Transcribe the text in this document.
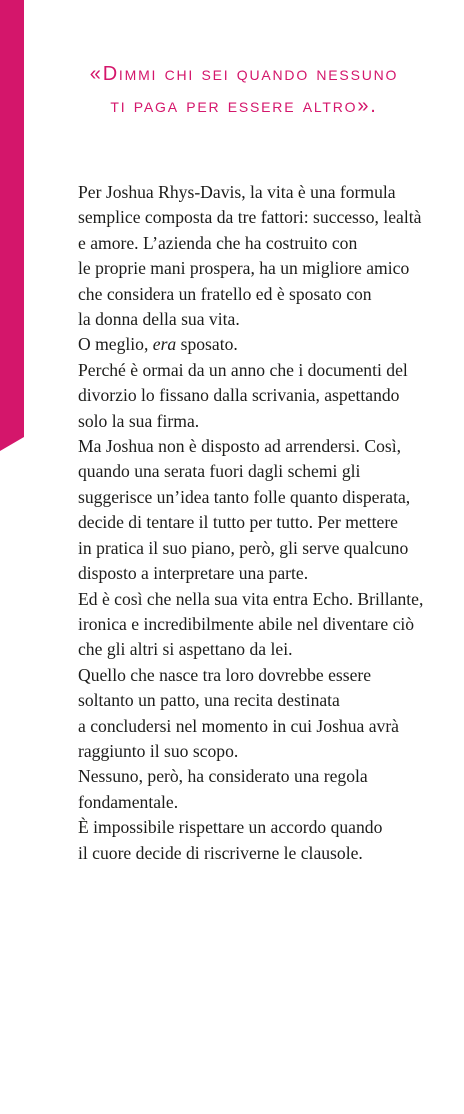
«Dimmi chi sei quando nessuno
ti paga per essere altro».
Per Joshua Rhys-Davis, la vita è una formula
semplice composta da tre fattori: successo, lealtà
e amore. L’azienda che ha costruito con
le proprie mani prospera, ha un migliore amico
che considera un fratello ed è sposato con
la donna della sua vita.
O meglio, era sposato.
Perché è ormai da un anno che i documenti del
divorzio lo fissano dalla scrivania, aspettando
solo la sua firma.
Ma Joshua non è disposto ad arrendersi. Così,
quando una serata fuori dagli schemi gli
suggerisce un’idea tanto folle quanto disperata,
decide di tentare il tutto per tutto. Per mettere
in pratica il suo piano, però, gli serve qualcuno
disposto a interpretare una parte.
Ed è così che nella sua vita entra Echo. Brillante,
ironica e incredibilmente abile nel diventare ciò
che gli altri si aspettano da lei.
Quello che nasce tra loro dovrebbe essere
soltanto un patto, una recita destinata
a concludersi nel momento in cui Joshua avrà
raggiunto il suo scopo.
Nessuno, però, ha considerato una regola
fondamentale.
È impossibile rispettare un accordo quando
il cuore decide di riscriverne le clausole.
